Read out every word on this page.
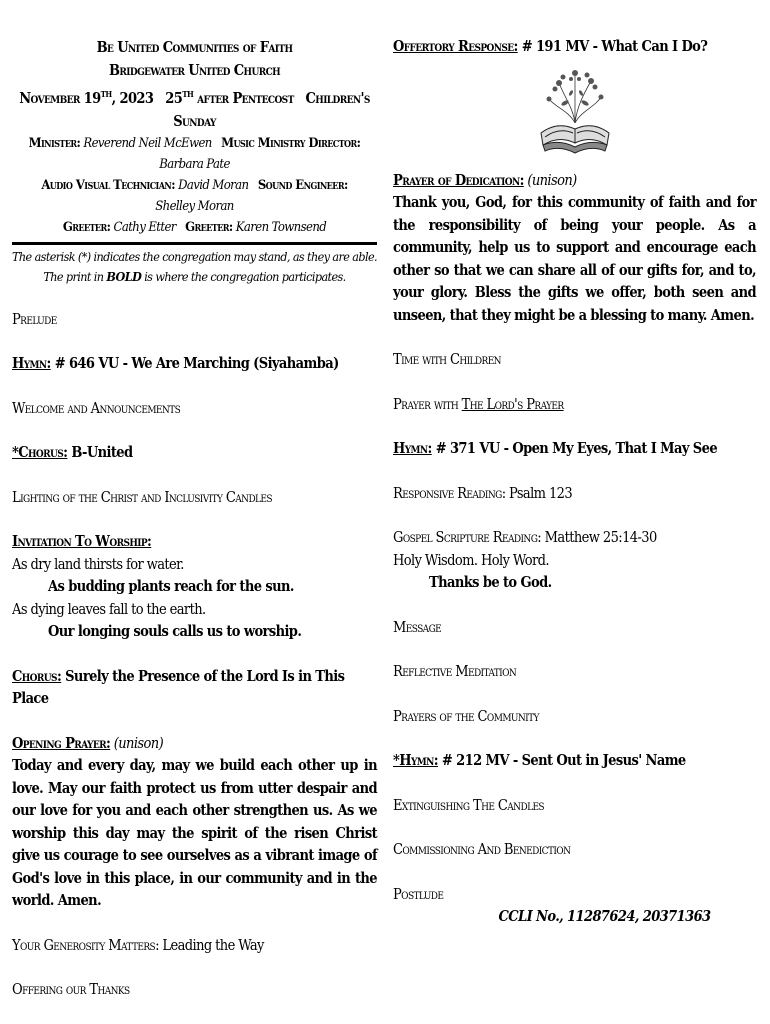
Be United Communities of Faith
Bridgewater United Church
November 19th, 2023 25th after Pentecost Children's
Sunday
Minister: Reverend Neil McEwen Music Ministry Director:
Barbara Pate
Audio Visual Technician: David Moran Sound Engineer:
Shelley Moran
Greeter: Cathy Etter Greeter: Karen Townsend
The asterisk (*) indicates the congregation may stand, as they are able.
The print in BOLD is where the congregation participates.
Prelude
Hymn: # 646 VU - We Are Marching (Siyahamba)
Welcome and Announcements
*Chorus: B-United
Lighting of the Christ and Inclusivity Candles
Invitation To Worship:
As dry land thirsts for water.
As budding plants reach for the sun.
As dying leaves fall to the earth.
Our longing souls calls us to worship.
Chorus: Surely the Presence of the Lord Is in This Place
Opening Prayer: (unison)
Today and every day, may we build each other up in love. May our faith protect us from utter despair and our love for you and each other strengthen us. As we worship this day may the spirit of the risen Christ give us courage to see ourselves as a vibrant image of God's love in this place, in our community and in the world. Amen.
Your Generosity Matters: Leading the Way
Offering our Thanks
Offertory Response: # 191 MV - What Can I Do?
Prayer of Dedication: (unison)
Thank you, God, for this community of faith and for the responsibility of being your people. As a community, help us to support and encourage each other so that we can share all of our gifts for, and to, your glory. Bless the gifts we offer, both seen and unseen, that they might be a blessing to many. Amen.
Time with Children
Prayer with The Lord's Prayer
Hymn: # 371 VU - Open My Eyes, That I May See
Responsive Reading: Psalm 123
Gospel Scripture Reading: Matthew 25:14-30
Holy Wisdom. Holy Word.
Thanks be to God.
Message
Reflective Meditation
Prayers of the Community
*Hymn: # 212 MV - Sent Out in Jesus' Name
Extinguishing The Candles
Commissioning And Benediction
Postlude
CCLI No., 11287624, 20371363
